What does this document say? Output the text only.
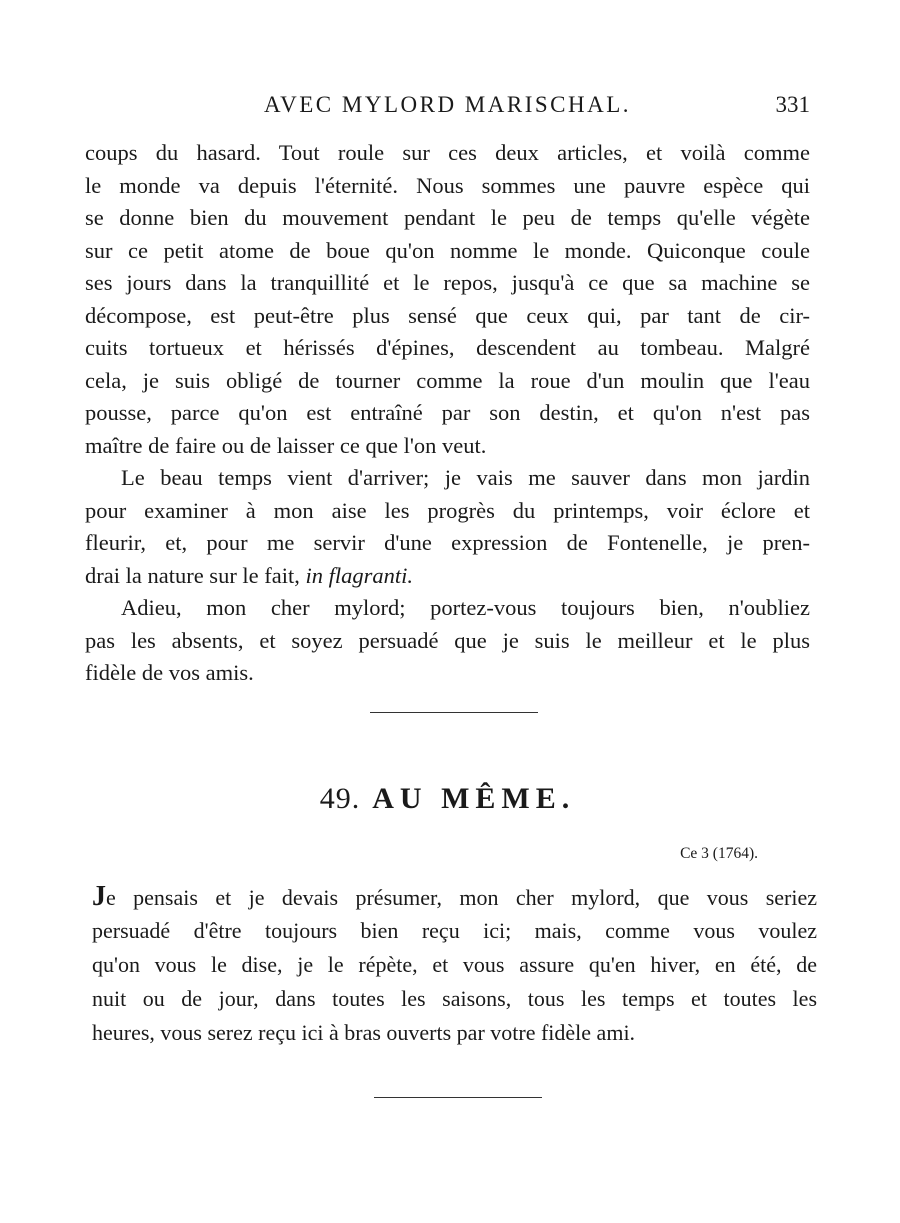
AVEC MYLORD MARISCHAL.	331
coups du hasard. Tout roule sur ces deux articles, et voilà comme
le monde va depuis l'éternité. Nous sommes une pauvre espèce qui
se donne bien du mouvement pendant le peu de temps qu'elle végète
sur ce petit atome de boue qu'on nomme le monde. Quiconque coule
ses jours dans la tranquillité et le repos, jusqu'à ce que sa machine se
décompose, est peut-être plus sensé que ceux qui, par tant de cir-
cuits tortueux et hérissés d'épines, descendent au tombeau. Malgré
cela, je suis obligé de tourner comme la roue d'un moulin que l'eau
pousse, parce qu'on est entraîné par son destin, et qu'on n'est pas
maître de faire ou de laisser ce que l'on veut.
Le beau temps vient d'arriver; je vais me sauver dans mon jardin
pour examiner à mon aise les progrès du printemps, voir éclore et
fleurir, et, pour me servir d'une expression de Fontenelle, je pren-
drai la nature sur le fait, in flagranti.
Adieu, mon cher mylord; portez-vous toujours bien, n'oubliez
pas les absents, et soyez persuadé que je suis le meilleur et le plus
fidèle de vos amis.
49. AU MÊME.
Ce 3 (1764).
Je pensais et je devais présumer, mon cher mylord, que vous seriez
persuadé d'être toujours bien reçu ici; mais, comme vous voulez
qu'on vous le dise, je le répète, et vous assure qu'en hiver, en été, de
nuit ou de jour, dans toutes les saisons, tous les temps et toutes les
heures, vous serez reçu ici à bras ouverts par votre fidèle ami.
